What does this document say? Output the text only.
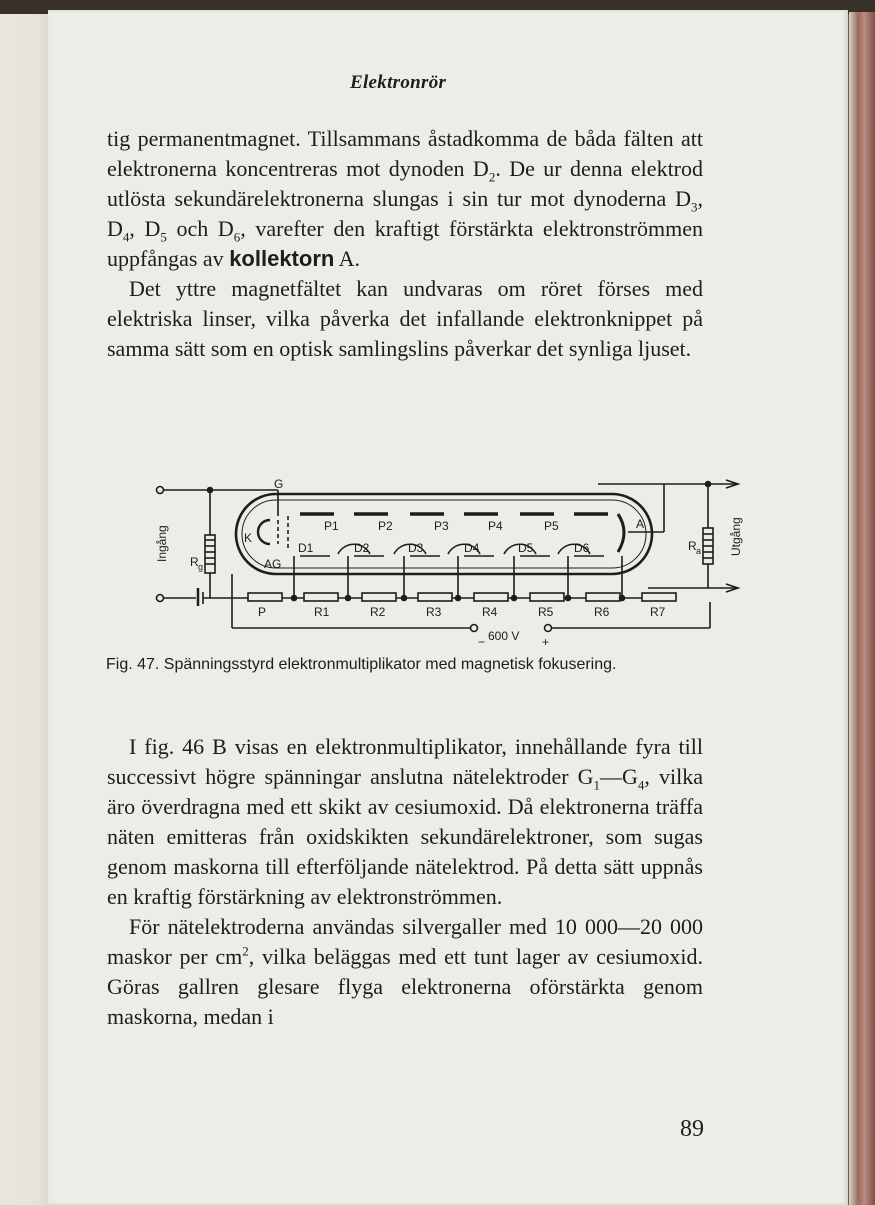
Elektronrör

tig permanentmagnet. Tillsammans åstadkomma de båda fälten att elektronerna koncentreras mot dynoden $D_2$. De ur denna elektrod utlösta sekundärelektronerna slungas i sin tur mot dynoderna $D_3$, $D_4$, $D_5$ och $D_6$, varefter den kraftigt förstärkta elektronströmmen uppfångas av kollektorn A.

Det yttre magnetfältet kan undvaras om röret förses med elektriska linser, vilka påverka det infallande elektronknippet på samma sätt som en optisk samlingslins påverkar det synliga ljuset.

Ingång	Utgång
G
K
AG
A
R g
R a
600 V
−	+
P
D1	D2	D3	D4	D5	D6
P1	P2	P3	P4	P5
R1	R2	R3	R4	R5	R6	R7
Fig. 47. Spänningsstyrd elektronmultiplikator med magnetisk fokusering.

I fig. 46 B visas en elektronmultiplikator, innehållande fyra till successivt högre spänningar anslutna nätelektroder $G_1—G_4$, vilka äro överdragna med ett skikt av cesiumoxid. Då elektronerna träffa näten emitteras från oxidskikten sekundärelektroner, som sugas genom maskorna till efterföljande nätelektrod. På detta sätt uppnås en kraftig förstärkning av elektronströmmen.

För nätelektroderna användas silvergaller med 10 000—20 000 maskor per $cm^2$, vilka beläggas med ett tunt lager av cesiumoxid. Göras gallren glesare flyga elektronerna oförstärkta genom maskorna, medan i

89
